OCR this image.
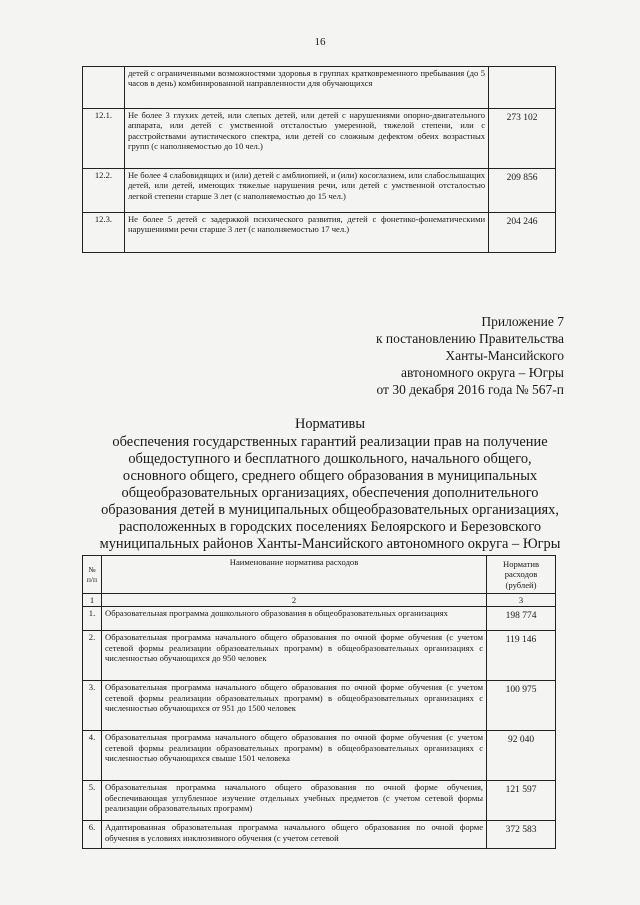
16
	детей с ограниченными возможностями здоровья в группах кратковременного пребывания (до 5 часов в день) комбинированной направленности для обучающихся	
12.1.	Не более 3 глухих детей, или слепых детей, или детей с нарушениями опорно-двигательного аппарата, или детей с умственной отсталостью умеренной, тяжелой степени, или с расстройствами аутистического спектра, или детей со сложным дефектом обеих возрастных групп (с наполняемостью до 10 чел.)	273 102
12.2.	Не более 4 слабовидящих и (или) детей с амблиопией, и (или) косоглазием, или слабослышащих детей, или детей, имеющих тяжелые нарушения речи, или детей с умственной отсталостью легкой степени старше 3 лет (с наполняемостью до 15 чел.)	209 856
12.3.	Не более 5 детей с задержкой психического развития, детей с фонетико-фонематическими нарушениями речи старше 3 лет (с наполняемостью 17 чел.)	204 246
Приложение 7
к постановлению Правительства
Ханты-Мансийского
автономного округа – Югры
от 30 декабря 2016 года № 567-п
Нормативы
обеспечения государственных гарантий реализации прав на получение
общедоступного и бесплатного дошкольного, начального общего,
основного общего, среднего общего образования в муниципальных
общеобразовательных организациях, обеспечения дополнительного
образования детей в муниципальных общеобразовательных организациях,
расположенных в городских поселениях Белоярского и Березовского
муниципальных районов Ханты-Мансийского автономного округа – Югры
№ п/п	Наименование норматива расходов	Норматив расходов (рублей)
1	2	3
1.	Образовательная программа дошкольного образования в общеобразовательных организациях	198 774
2.	Образовательная программа начального общего образования по очной форме обучения (с учетом сетевой формы реализации образовательных программ) в общеобразовательных организациях с численностью обучающихся до 950 человек	119 146
3.	Образовательная программа начального общего образования по очной форме обучения (с учетом сетевой формы реализации образовательных программ) в общеобразовательных организациях с численностью обучающихся от 951 до 1500 человек	100 975
4.	Образовательная программа начального общего образования по очной форме обучения (с учетом сетевой формы реализации образовательных программ) в общеобразовательных организациях с численностью обучающихся свыше 1501 человека	92 040
5.	Образовательная программа начального общего образования по очной форме обучения, обеспечивающая углубленное изучение отдельных учебных предметов (с учетом сетевой формы реализации образовательных программ)	121 597
6.	Адаптированная образовательная программа начального общего образования по очной форме обучения в условиях инклюзивного обучения (с учетом сетевой	372 583
